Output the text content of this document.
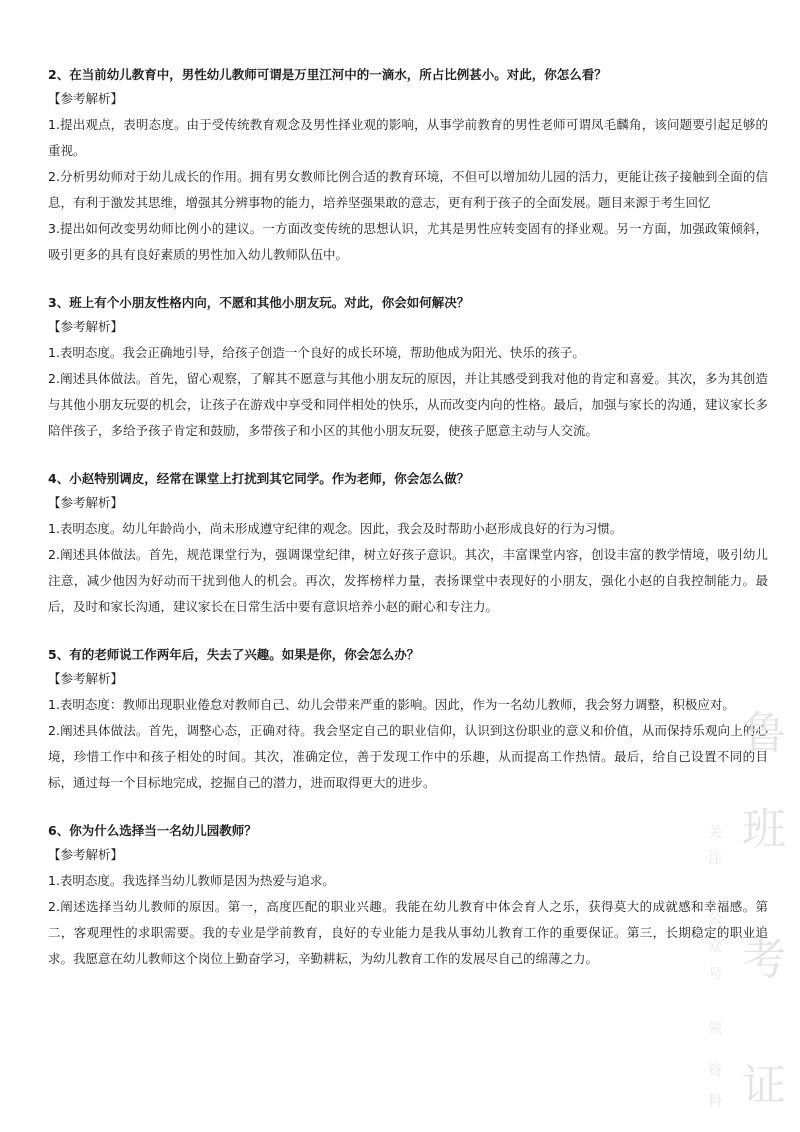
2、在当前幼儿教育中，男性幼儿教师可谓是万里江河中的一滴水，所占比例甚小。对此，你怎么看？
【参考解析】

1.提出观点，表明态度。由于受传统教育观念及男性择业观的影响，从事学前教育的男性老师可谓凤毛麟角，该问题要引起足够的重视。

2.分析男幼师对于幼儿成长的作用。拥有男女教师比例合适的教育环境，不但可以增加幼儿园的活力，更能让孩子接触到全面的信息，有利于激发其思维，增强其分辨事物的能力，培养坚强果敢的意志，更有利于孩子的全面发展。题目来源于考生回忆

3.提出如何改变男幼师比例小的建议。一方面改变传统的思想认识，尤其是男性应转变固有的择业观。另一方面，加强政策倾斜，吸引更多的具有良好素质的男性加入幼儿教师队伍中。

3、班上有个小朋友性格内向，不愿和其他小朋友玩。对此，你会如何解决？
【参考解析】

1.表明态度。我会正确地引导，给孩子创造一个良好的成长环境，帮助他成为阳光、快乐的孩子。

2.阐述具体做法。首先，留心观察，了解其不愿意与其他小朋友玩的原因，并让其感受到我对他的肯定和喜爱。其次，多为其创造与其他小朋友玩耍的机会，让孩子在游戏中享受和同伴相处的快乐，从而改变内向的性格。最后，加强与家长的沟通，建议家长多陪伴孩子，多给予孩子肯定和鼓励，多带孩子和小区的其他小朋友玩耍，使孩子愿意主动与人交流。

4、小赵特别调皮，经常在课堂上打扰到其它同学。作为老师，你会怎么做？
【参考解析】

1.表明态度。幼儿年龄尚小，尚未形成遵守纪律的观念。因此，我会及时帮助小赵形成良好的行为习惯。

2.阐述具体做法。首先，规范课堂行为，强调课堂纪律，树立好孩子意识。其次，丰富课堂内容，创设丰富的教学情境，吸引幼儿注意，减少他因为好动而干扰到他人的机会。再次，发挥榜样力量，表扬课堂中表现好的小朋友，强化小赵的自我控制能力。最后，及时和家长沟通，建议家长在日常生活中要有意识培养小赵的耐心和专注力。

5、有的老师说工作两年后，失去了兴趣。如果是你，你会怎么办？
【参考解析】

1.表明态度：教师出现职业倦怠对教师自己、幼儿会带来严重的影响。因此，作为一名幼儿教师，我会努力调整，积极应对。

2.阐述具体做法。首先，调整心态，正确对待。我会坚定自己的职业信仰，认识到这份职业的意义和价值，从而保持乐观向上的心境，珍惜工作中和孩子相处的时间。其次，准确定位，善于发现工作中的乐趣，从而提高工作热情。最后，给自己设置不同的目标，通过每一个目标地完成，挖掘自己的潜力，进而取得更大的进步。

6、你为什么选择当一名幼儿园教师？
【参考解析】

1.表明态度。我选择当幼儿教师是因为热爱与追求。

2.阐述选择当幼儿教师的原因。第一，高度匹配的职业兴趣。我能在幼儿教育中体会育人之乐，获得莫大的成就感和幸福感。第二，客观理性的求职需要。我的专业是学前教育，良好的专业能力是我从事幼儿教育工作的重要保证。第三，长期稳定的职业追求。我愿意在幼儿教师这个岗位上勤奋学习，辛勤耕耘，为幼儿教育工作的发展尽自己的绵薄之力。

鲁
班
考
证
关
注
公
众
号
领
资
料
